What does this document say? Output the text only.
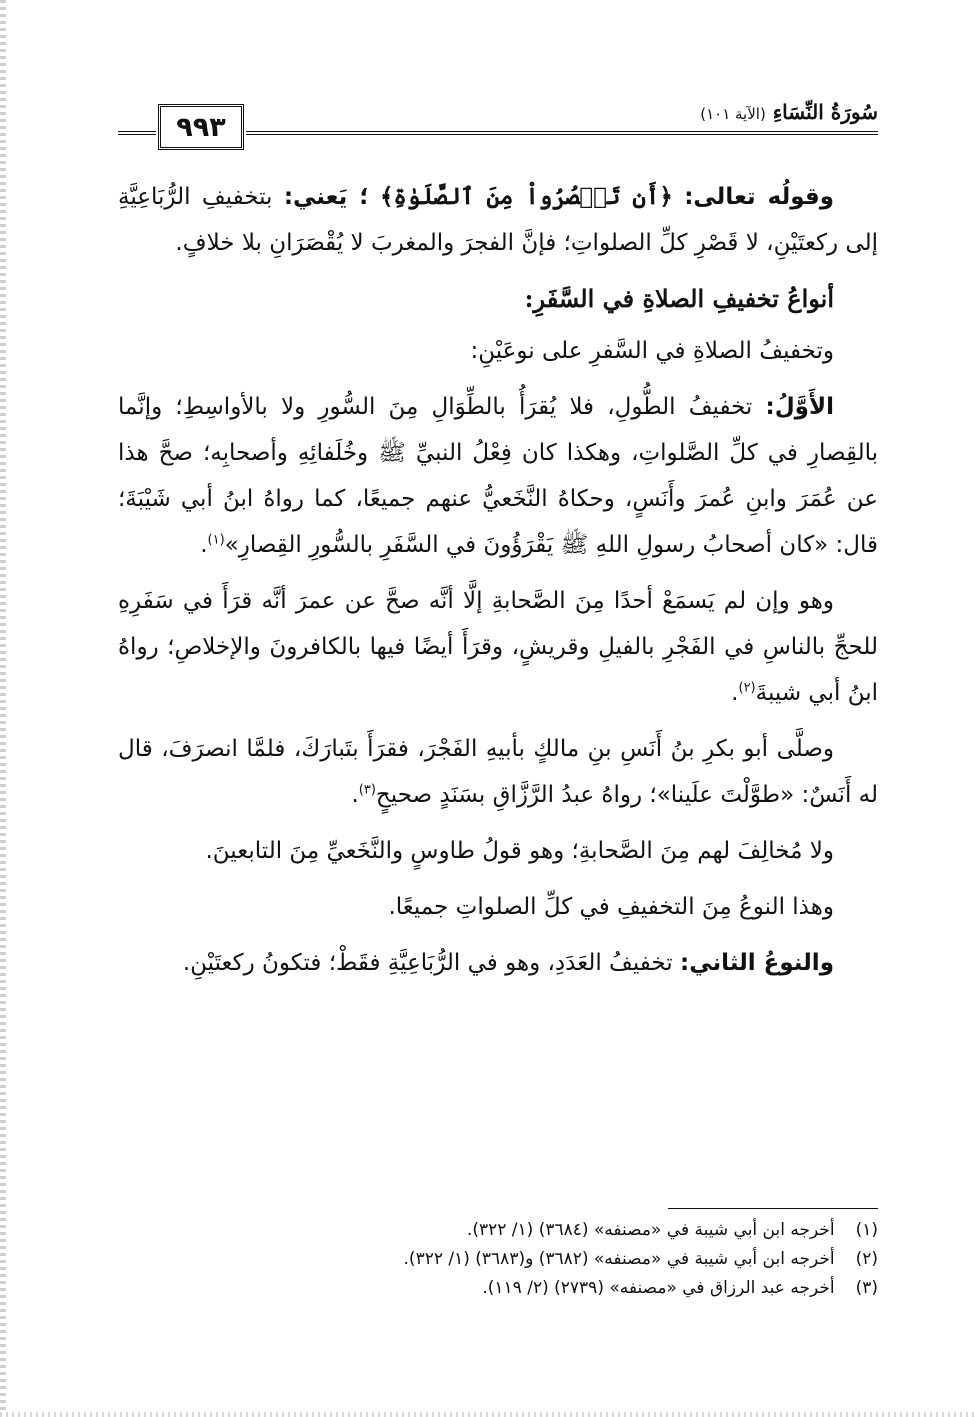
٩٩٣	سُورَةُ النِّسَاءِ (الآية ١٠١)

وقولُه تعالى: ﴿أَن تَقۡصُرُواْ مِنَ ٱلصَّلَوٰةِ﴾ ؛ يَعني: بتخفيفِ الرُّبَاعِيَّةِ إلى ركعتَيْنِ، لا قَصْرِ كلِّ الصلواتِ؛ فإنَّ الفجرَ والمغربَ لا يُقْصَرَانِ بلا خلافٍ.

أنواعُ تخفيفِ الصلاةِ في السَّفَرِ:

وتخفيفُ الصلاةِ في السَّفرِ على نوعَيْنِ:

الأَوَّلُ: تخفيفُ الطُّولِ، فلا يُقرَأُ بالطِّوَالِ مِنَ السُّورِ ولا بالأواسِطِ؛ وإنَّما بالقِصارِ في كلِّ الصَّلواتِ، وهكذا كان فِعْلُ النبيِّ ﷺ وخُلَفائِهِ وأصحابِه؛ صحَّ هذا عن عُمَرَ وابنِ عُمرَ وأَنَسٍ، وحكاهُ النَّخَعيُّ عنهم جميعًا، كما رواهُ ابنُ أبي شَيْبَةَ؛ قال: «كان أصحابُ رسولِ اللهِ ﷺ يَقْرَؤُونَ في السَّفَرِ بالسُّورِ القِصارِ»$^{(١)}$.

وهو وإن لم يَسمَعْ أحدًا مِنَ الصَّحابةِ إلَّا أنَّه صحَّ عن عمرَ أنَّه قرَأَ في سَفَرِهِ للحجِّ بالناسِ في الفَجْرِ بالفيلِ وقريشٍ، وقرَأَ أيضًا فيها بالكافرونَ والإخلاصِ؛ رواهُ ابنُ أبي شيبةَ$^{(٢)}$.

وصلَّى أبو بكرِ بنُ أَنَسِ بنِ مالكٍ بأبيهِ الفَجْرَ، فقرَأَ بتَبارَكَ، فلمَّا انصرَفَ، قال له أَنَسٌ: «طوَّلْتَ علَينا»؛ رواهُ عبدُ الرَّزَّاقِ بسَنَدٍ صحيحٍ$^{(٣)}$.

ولا مُخالِفَ لهم مِنَ الصَّحابةِ؛ وهو قولُ طاوسٍ والنَّخَعيِّ مِنَ التابعينَ.

وهذا النوعُ مِنَ التخفيفِ في كلِّ الصلواتِ جميعًا.

والنوعُ الثاني: تخفيفُ العَدَدِ، وهو في الرُّبَاعِيَّةِ فقَطْ؛ فتكونُ ركعتَيْنِ.

(١) أخرجه ابن أبي شيبة في «مصنفه» (٣٦٨٤) (١/ ٣٢٢).

(٢) أخرجه ابن أبي شيبة في «مصنفه» (٣٦٨٢) و(٣٦٨٣) (١/ ٣٢٢).

(٣) أخرجه عبد الرزاق في «مصنفه» (٢٧٣٩) (٢/ ١١٩).
